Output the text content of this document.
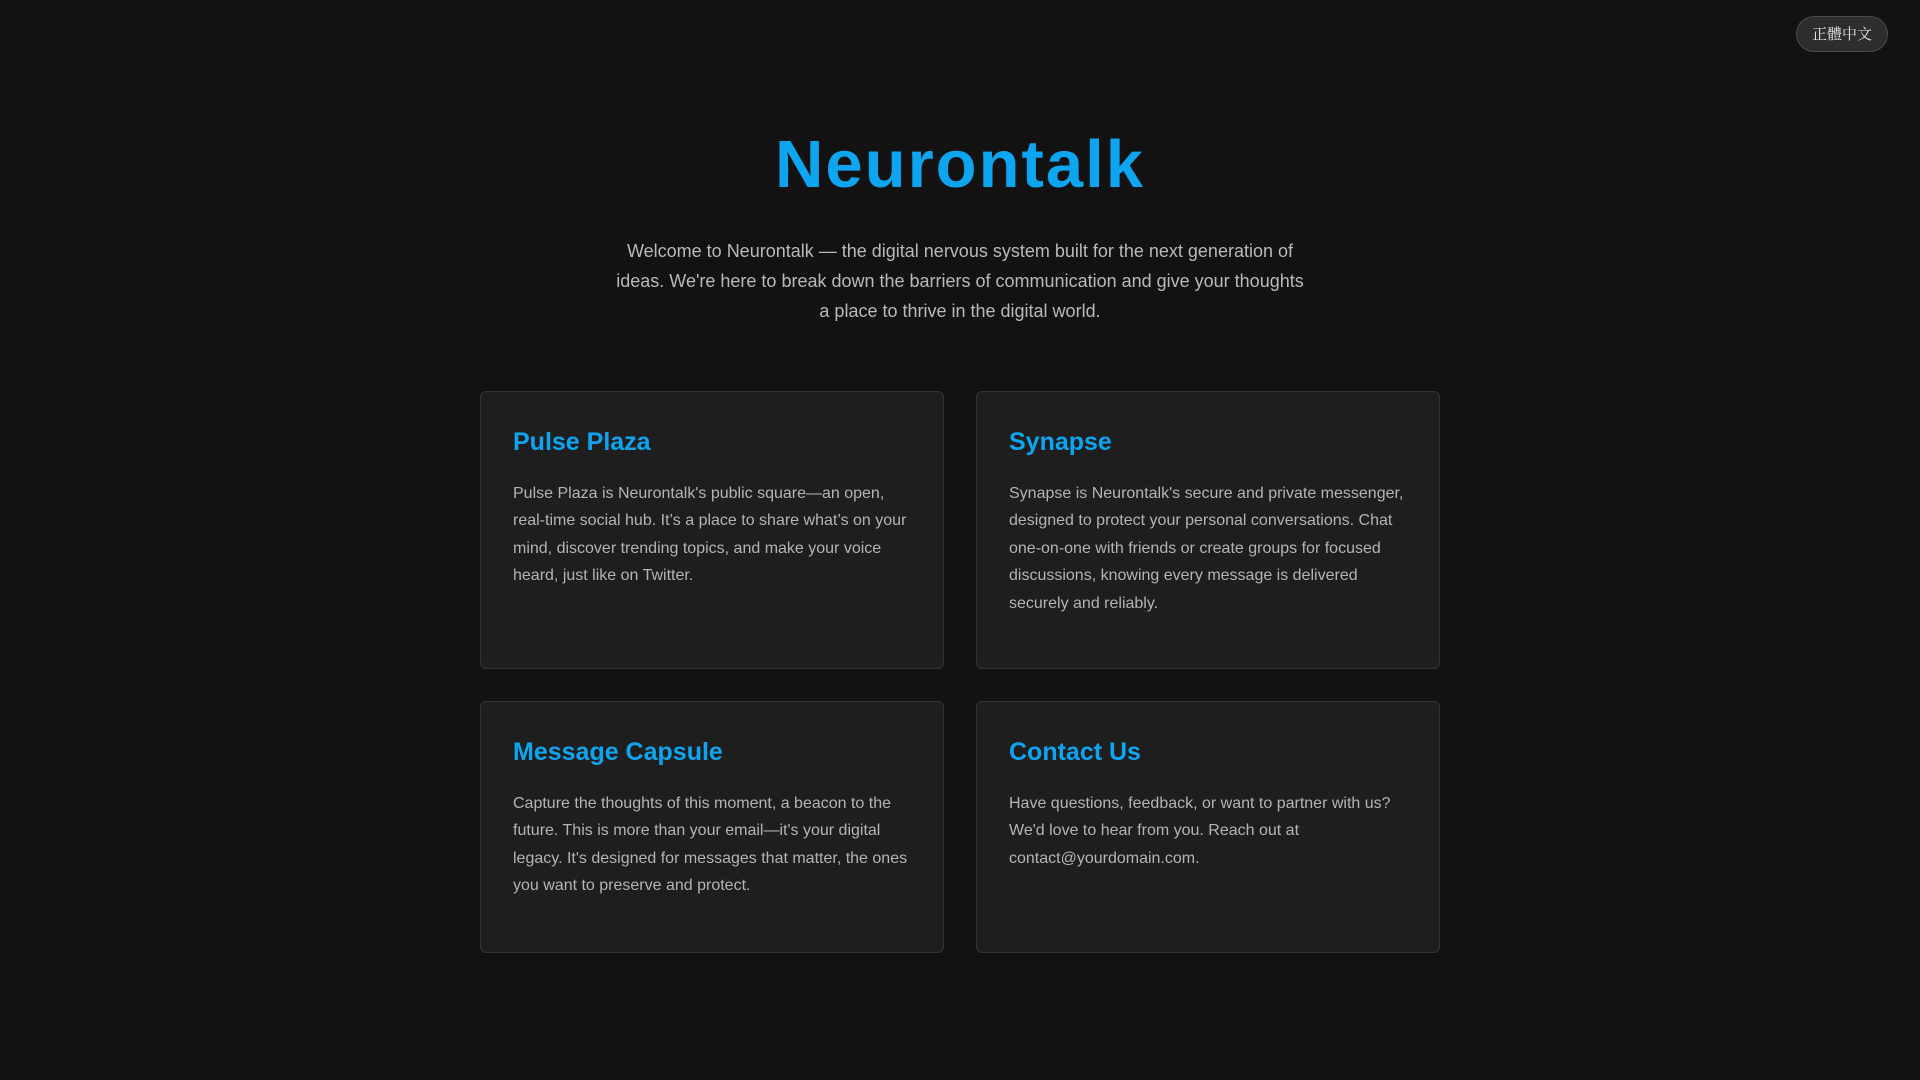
正體中文
Neurontalk

Welcome to Neurontalk — the digital nervous system built for the next generation of ideas. We're here to break down the barriers of communication and give your thoughts a place to thrive in the digital world.

Pulse Plaza

Pulse Plaza is Neurontalk's public square—an open, real-time social hub. It’s a place to share what’s on your mind, discover trending topics, and make your voice heard, just like on Twitter.

Synapse

Synapse is Neurontalk's secure and private messenger, designed to protect your personal conversations. Chat one-on-one with friends or create groups for focused discussions, knowing every message is delivered securely and reliably.

Message Capsule

Capture the thoughts of this moment, a beacon to the future. This is more than your email—it's your digital legacy. It's designed for messages that matter, the ones you want to preserve and protect.

Contact Us

Have questions, feedback, or want to partner with us? We'd love to hear from you. Reach out at contact@yourdomain.com.
